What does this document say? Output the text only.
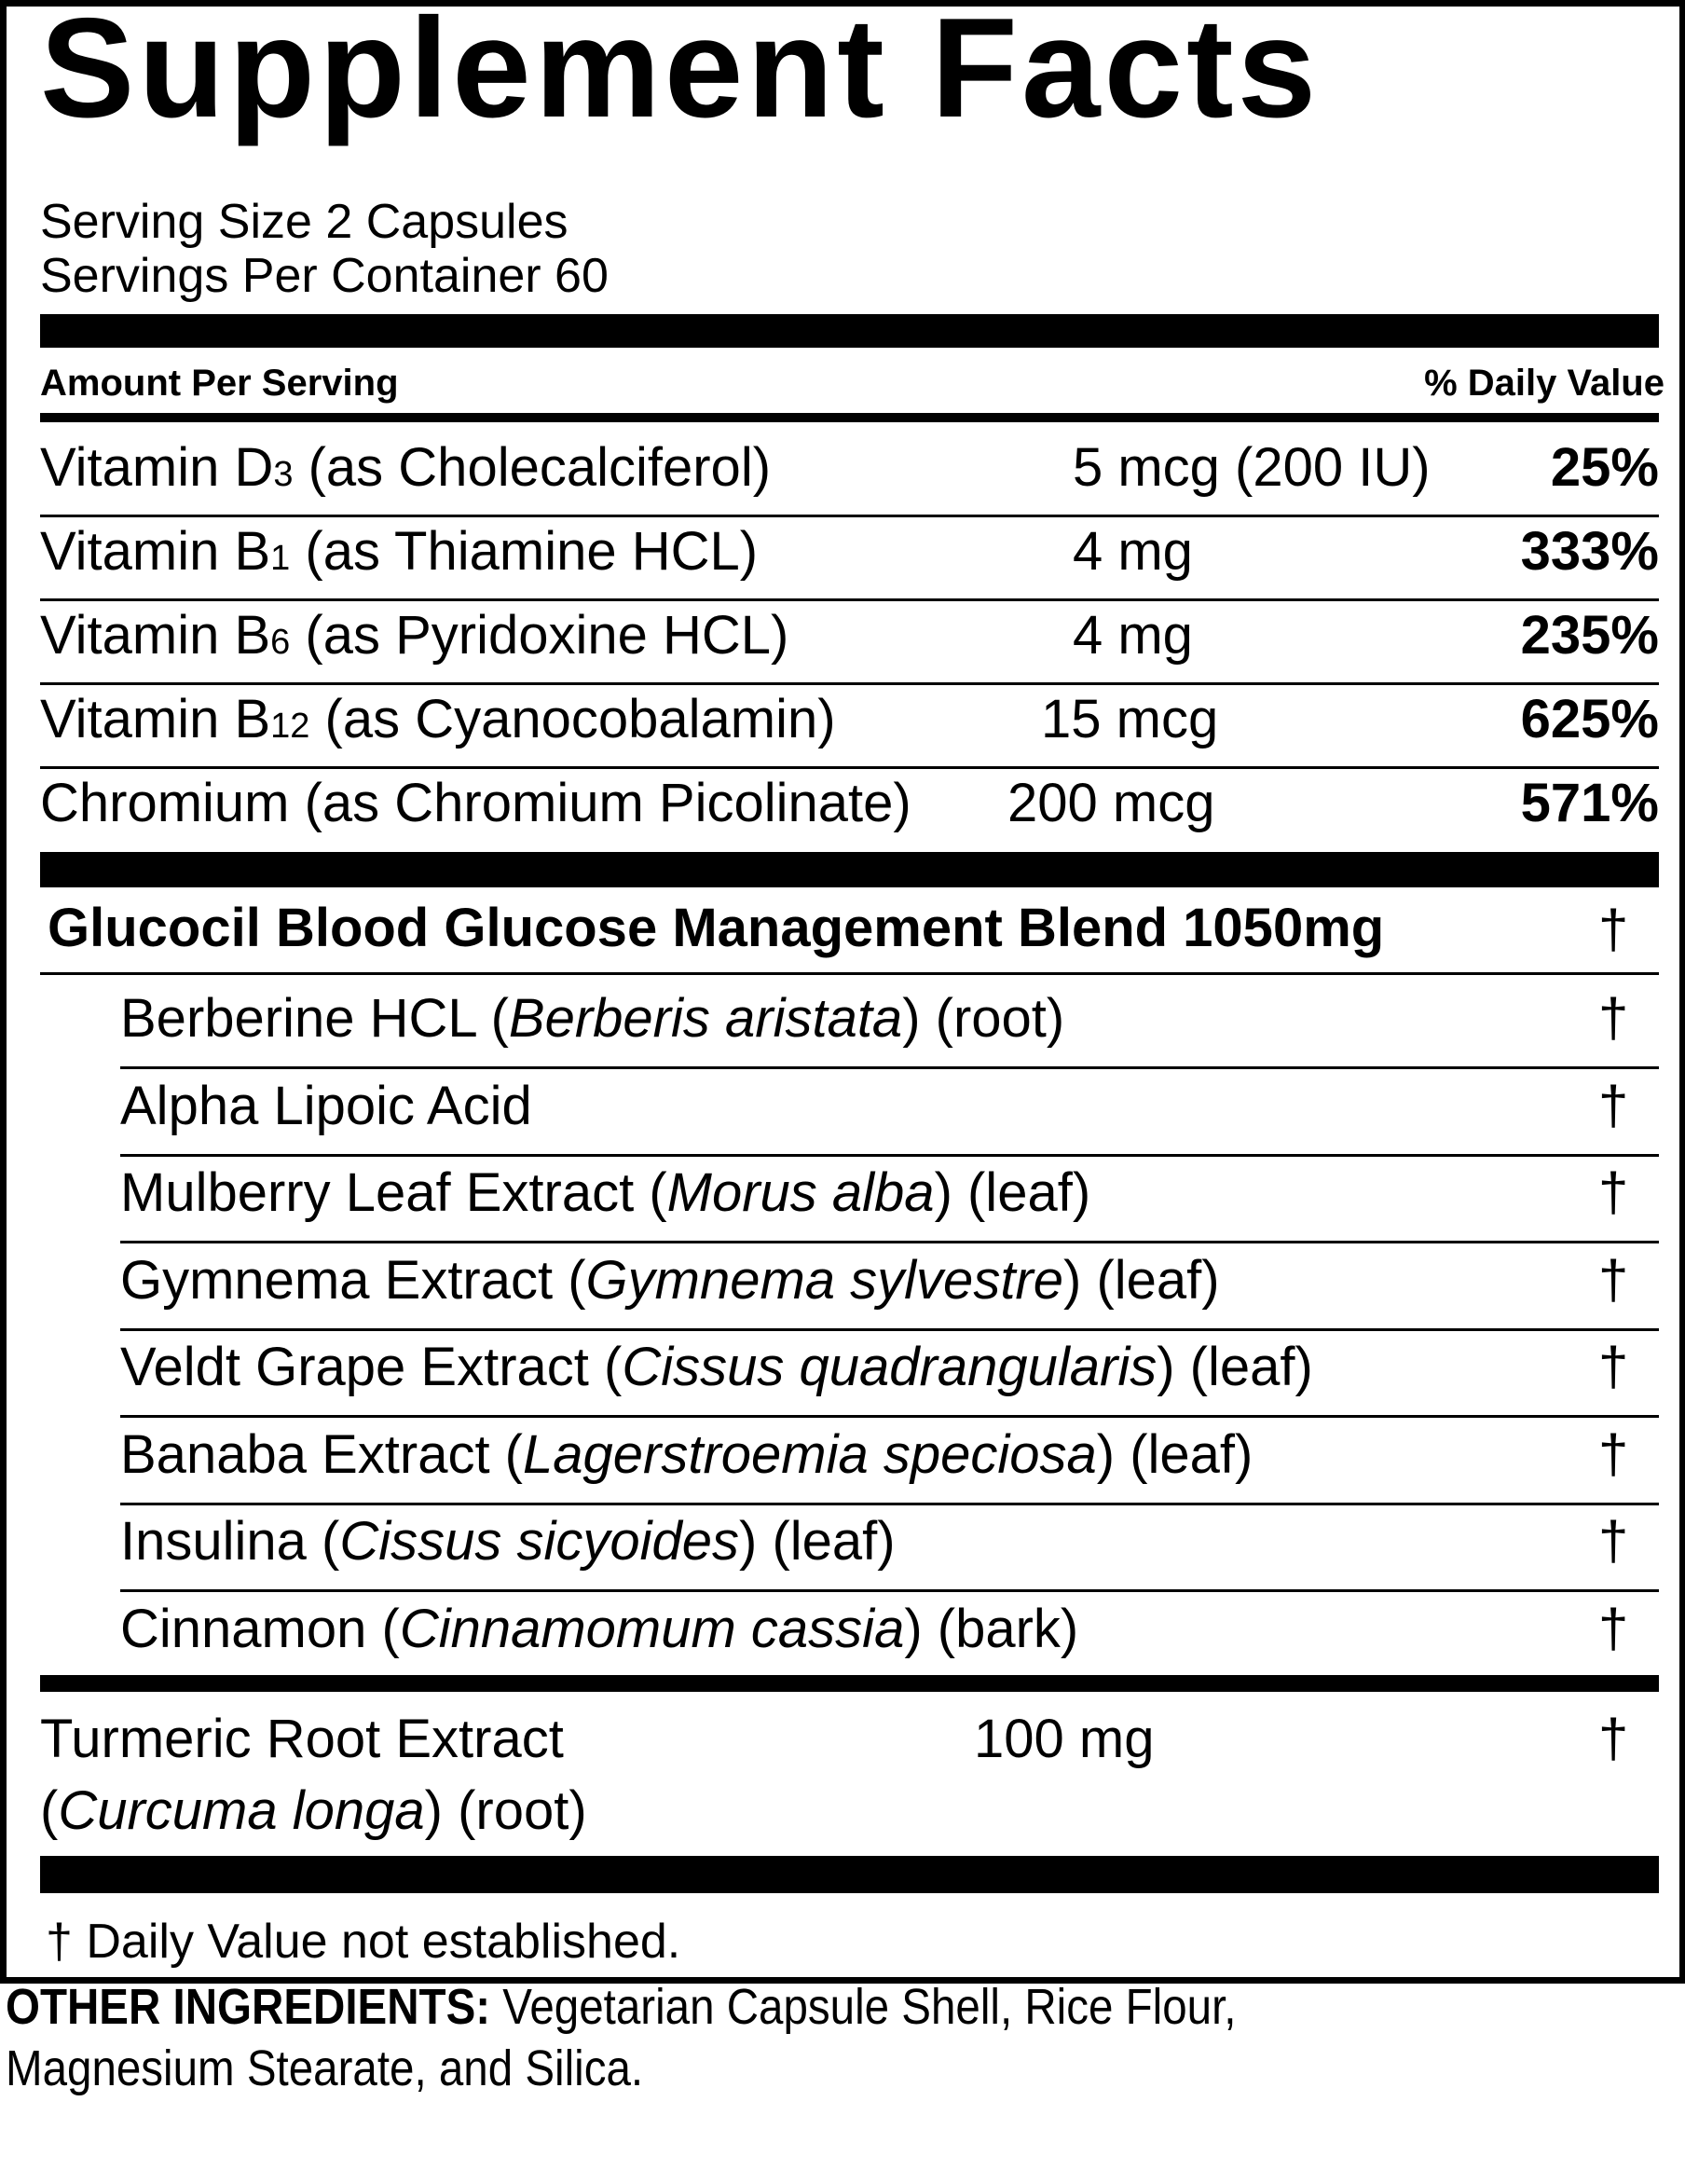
Supplement Facts
Serving Size 2 Capsules
Servings Per Container 60
Amount Per Serving	% Daily Value
Vitamin D3 (as Cholecalciferol)	5 mcg (200 IU) 25%
Vitamin B1 (as Thiamine HCL)	4 mg	333%
Vitamin B6 (as Pyridoxine HCL)	4 mg	235%
Vitamin B12 (as Cyanocobalamin)	15 mcg	625%
Chromium (as Chromium Picolinate) 200 mcg	571%
Glucocil Blood Glucose Management Blend 1050mg	†
Berberine HCL (Berberis aristata) (root)	†
Alpha Lipoic Acid	†
Mulberry Leaf Extract (Morus alba) (leaf)	†
Gymnema Extract (Gymnema sylvestre) (leaf)	†
Veldt Grape Extract (Cissus quadrangularis) (leaf)	†
Banaba Extract (Lagerstroemia speciosa) (leaf)	†
Insulina (Cissus sicyoides) (leaf)	†
Cinnamon (Cinnamomum cassia) (bark)	†
Turmeric Root Extract
(Curcuma longa) (root)
100 mg	†
† Daily Value not established.
OTHER INGREDIENTS: Vegetarian Capsule Shell, Rice Flour, Magnesium Stearate, and Silica.
